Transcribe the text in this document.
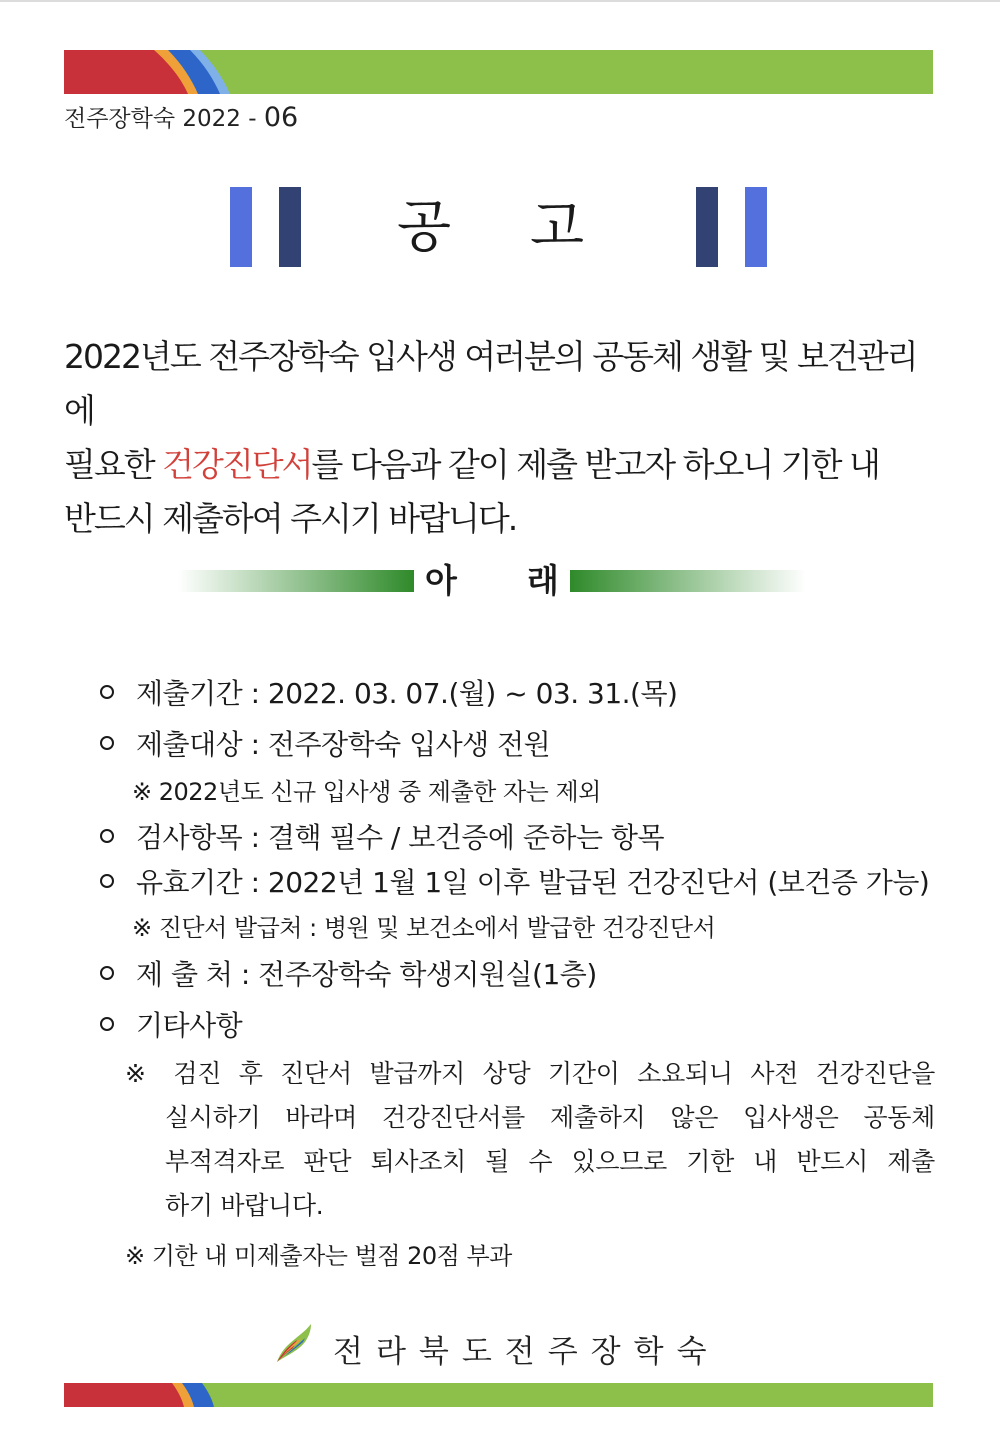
전주장학숙 2022 - 06
공 고
2022년도 전주장학숙 입사생 여러분의 공동체 생활 및 보건관리에
필요한 건강진단서를 다음과 같이 제출 받고자 하오니 기한 내
반드시 제출하여 주시기 바랍니다.
아 래
제출기간 : 2022. 03. 07.(월) ~ 03. 31.(목)
제출대상 : 전주장학숙 입사생 전원
※ 2022년도 신규 입사생 중 제출한 자는 제외
검사항목 : 결핵 필수 / 보건증에 준하는 항목
유효기간 : 2022년 1월 1일 이후 발급된 건강진단서 (보건증 가능)
※ 진단서 발급처 : 병원 및 보건소에서 발급한 건강진단서
제 출 처 : 전주장학숙 학생지원실(1층)
기타사항
※ 검진 후 진단서 발급까지 상당 기간이 소요되니 사전 건강진단을
실시하기 바라며 건강진단서를 제출하지 않은 입사생은 공동체
부적격자로 판단 퇴사조치 될 수 있으므로 기한 내 반드시 제출
하기 바랍니다.
※ 기한 내 미제출자는 벌점 20점 부과
전라북도전주장학숙
